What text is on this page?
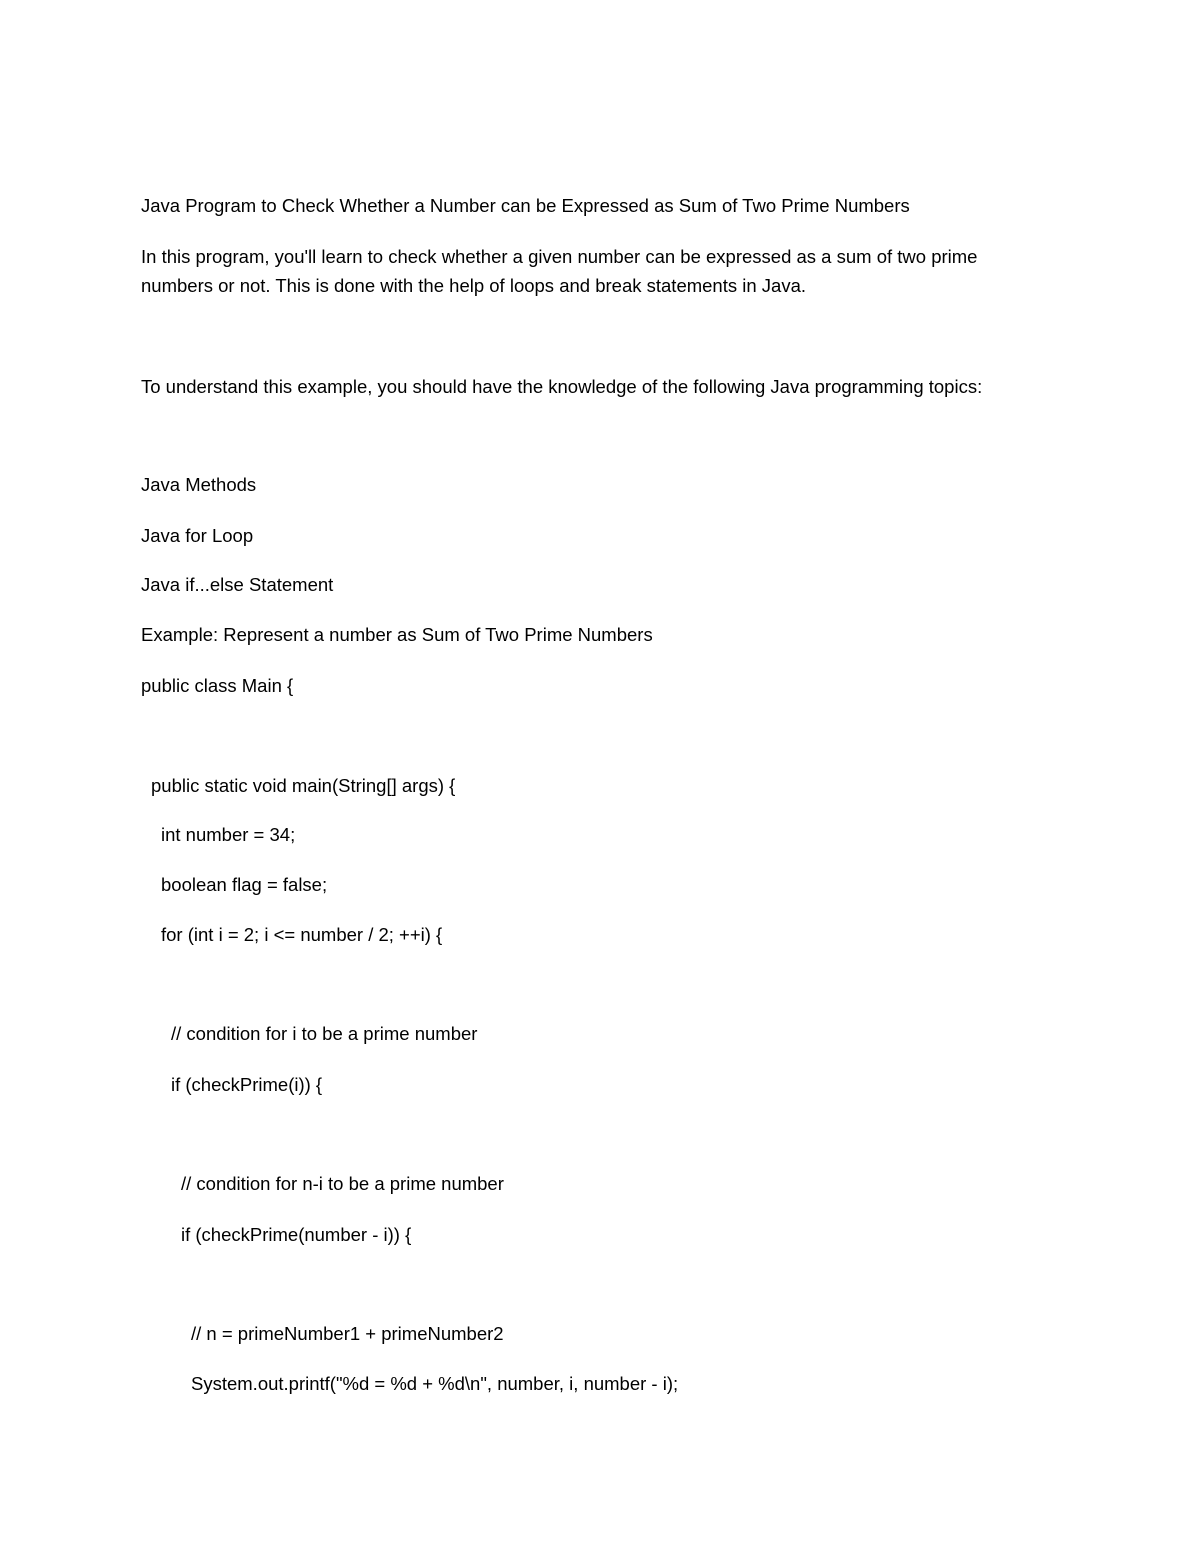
Java Program to Check Whether a Number can be Expressed as Sum of Two Prime Numbers

In this program, you'll learn to check whether a given number can be expressed as a sum of two prime

numbers or not. This is done with the help of loops and break statements in Java.

To understand this example, you should have the knowledge of the following Java programming topics:

Java Methods

Java for Loop

Java if...else Statement

Example: Represent a number as Sum of Two Prime Numbers

public class Main {

public static void main(String[] args) {

int number = 34;

boolean flag = false;

for (int i = 2; i <= number / 2; ++i) {

// condition for i to be a prime number

if (checkPrime(i)) {

// condition for n-i to be a prime number

if (checkPrime(number - i)) {

// n = primeNumber1 + primeNumber2

System.out.printf("%d = %d + %d\n", number, i, number - i);
